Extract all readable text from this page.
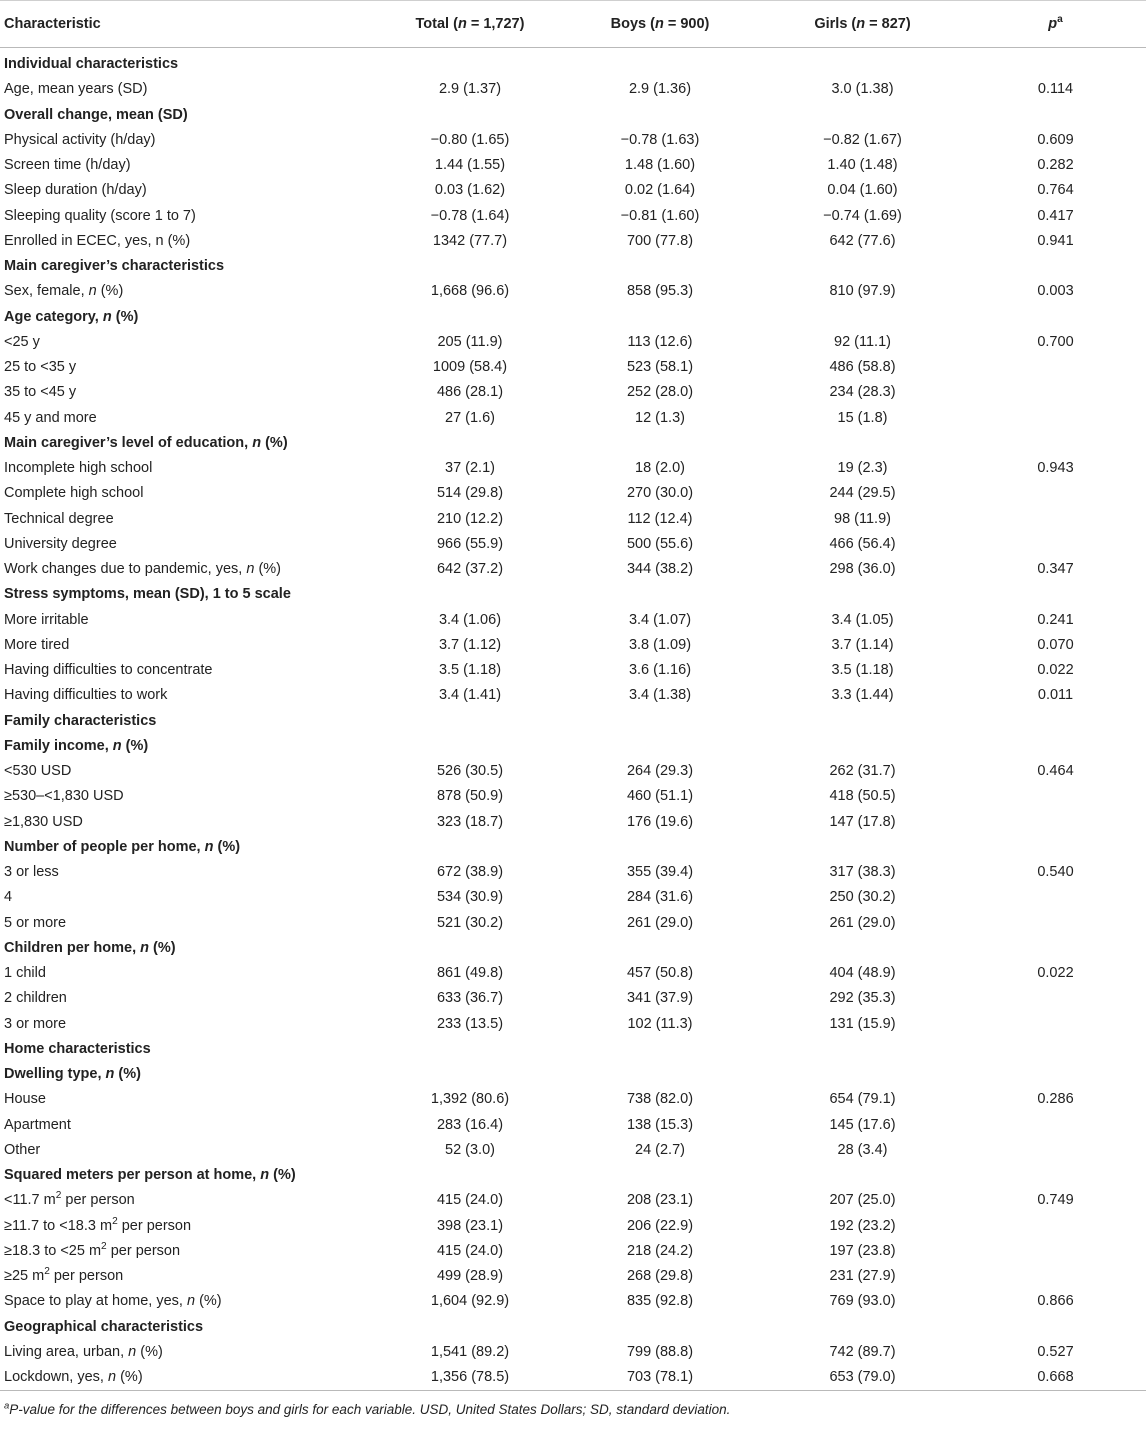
Characteristic	Total (n = 1,727)	Boys (n = 900)	Girls (n = 827)	$p^a$

Individual characteristics				
Age, mean years (SD)	2.9 (1.37)	2.9 (1.36)	3.0 (1.38)	0.114
Overall change, mean (SD)				
Physical activity (h/day)	−0.80 (1.65)	−0.78 (1.63)	−0.82 (1.67)	0.609
Screen time (h/day)	1.44 (1.55)	1.48 (1.60)	1.40 (1.48)	0.282
Sleep duration (h/day)	0.03 (1.62)	0.02 (1.64)	0.04 (1.60)	0.764
Sleeping quality (score 1 to 7)	−0.78 (1.64)	−0.81 (1.60)	−0.74 (1.69)	0.417
Enrolled in ECEC, yes, n (%)	1342 (77.7)	700 (77.8)	642 (77.6)	0.941
Main caregiver’s characteristics				
Sex, female, n (%)	1,668 (96.6)	858 (95.3)	810 (97.9)	0.003
Age category, n (%)				
<25 y	205 (11.9)	113 (12.6)	92 (11.1)	0.700
25 to <35 y	1009 (58.4)	523 (58.1)	486 (58.8)	
35 to <45 y	486 (28.1)	252 (28.0)	234 (28.3)	
45 y and more	27 (1.6)	12 (1.3)	15 (1.8)	
Main caregiver’s level of education, n (%)				
Incomplete high school	37 (2.1)	18 (2.0)	19 (2.3)	0.943
Complete high school	514 (29.8)	270 (30.0)	244 (29.5)	
Technical degree	210 (12.2)	112 (12.4)	98 (11.9)	
University degree	966 (55.9)	500 (55.6)	466 (56.4)	
Work changes due to pandemic, yes, n (%)	642 (37.2)	344 (38.2)	298 (36.0)	0.347
Stress symptoms, mean (SD), 1 to 5 scale				
More irritable	3.4 (1.06)	3.4 (1.07)	3.4 (1.05)	0.241
More tired	3.7 (1.12)	3.8 (1.09)	3.7 (1.14)	0.070
Having difficulties to concentrate	3.5 (1.18)	3.6 (1.16)	3.5 (1.18)	0.022
Having difficulties to work	3.4 (1.41)	3.4 (1.38)	3.3 (1.44)	0.011
Family characteristics				
Family income, n (%)				
<530 USD	526 (30.5)	264 (29.3)	262 (31.7)	0.464
≥530–<1,830 USD	878 (50.9)	460 (51.1)	418 (50.5)	
≥1,830 USD	323 (18.7)	176 (19.6)	147 (17.8)	
Number of people per home, n (%)				
3 or less	672 (38.9)	355 (39.4)	317 (38.3)	0.540
4	534 (30.9)	284 (31.6)	250 (30.2)	
5 or more	521 (30.2)	261 (29.0)	261 (29.0)	
Children per home, n (%)				
1 child	861 (49.8)	457 (50.8)	404 (48.9)	0.022
2 children	633 (36.7)	341 (37.9)	292 (35.3)	
3 or more	233 (13.5)	102 (11.3)	131 (15.9)	
Home characteristics				
Dwelling type, n (%)				
House	1,392 (80.6)	738 (82.0)	654 (79.1)	0.286
Apartment	283 (16.4)	138 (15.3)	145 (17.6)	
Other	52 (3.0)	24 (2.7)	28 (3.4)	
Squared meters per person at home, n (%)				
<11.7 $m^2$ per person	415 (24.0)	208 (23.1)	207 (25.0)	0.749
≥11.7 to <18.3 $m^2$ per person	398 (23.1)	206 (22.9)	192 (23.2)	
≥18.3 to <25 $m^2$ per person	415 (24.0)	218 (24.2)	197 (23.8)	
≥25 $m^2$ per person	499 (28.9)	268 (29.8)	231 (27.9)	
Space to play at home, yes, n (%)	1,604 (92.9)	835 (92.8)	769 (93.0)	0.866
Geographical characteristics				
Living area, urban, n (%)	1,541 (89.2)	799 (88.8)	742 (89.7)	0.527
Lockdown, yes, n (%)	1,356 (78.5)	703 (78.1)	653 (79.0)	0.668
$^a$P-value for the differences between boys and girls for each variable. USD, United States Dollars; SD, standard deviation.
